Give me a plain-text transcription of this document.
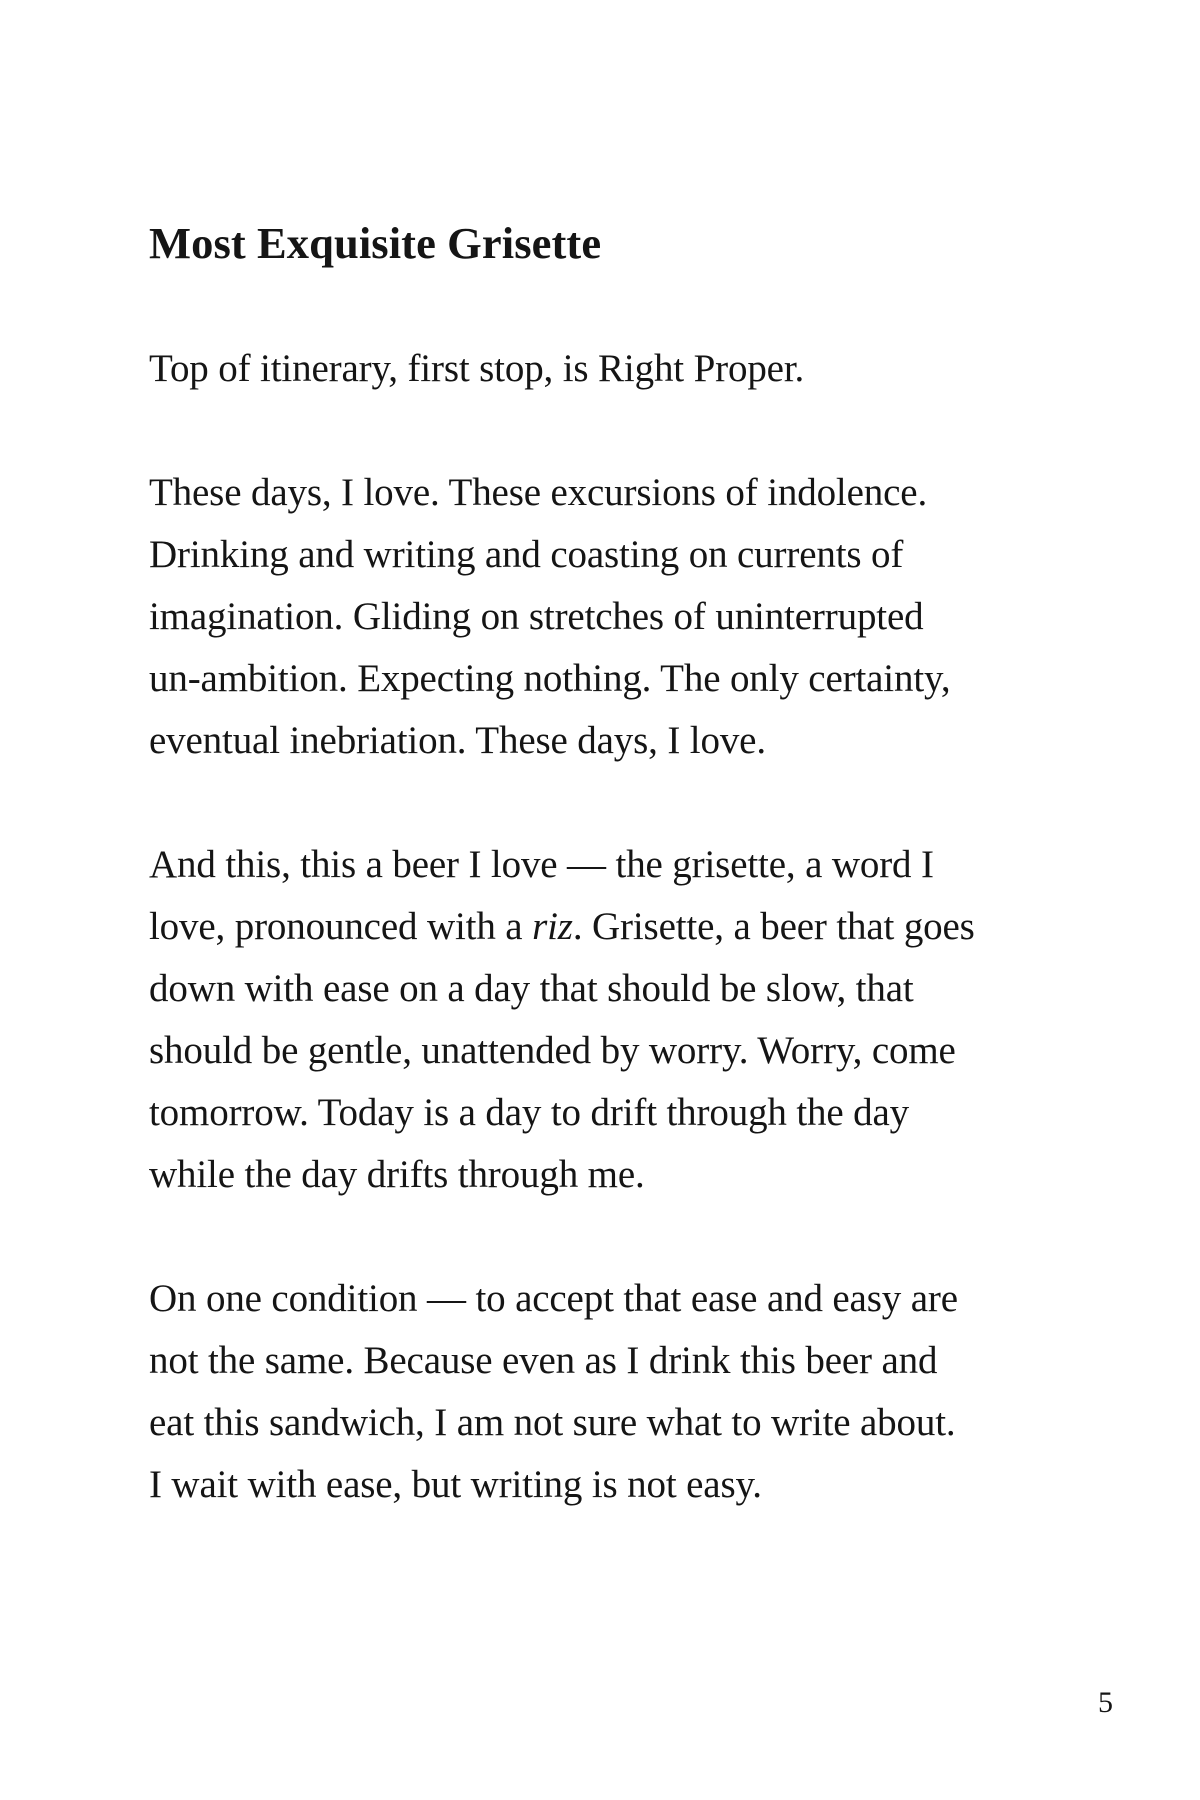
Most Exquisite Grisette
Top of itinerary, first stop, is Right Proper.
These days, I love. These excursions of indolence.
Drinking and writing and coasting on currents of
imagination. Gliding on stretches of uninterrupted
un-ambition. Expecting nothing. The only certainty,
eventual inebriation. These days, I love.
And this, this a beer I love — the grisette, a word I
love, pronounced with a riz. Grisette, a beer that goes
down with ease on a day that should be slow, that
should be gentle, unattended by worry. Worry, come
tomorrow. Today is a day to drift through the day
while the day drifts through me.
On one condition — to accept that ease and easy are
not the same. Because even as I drink this beer and
eat this sandwich, I am not sure what to write about.
I wait with ease, but writing is not easy.
5
